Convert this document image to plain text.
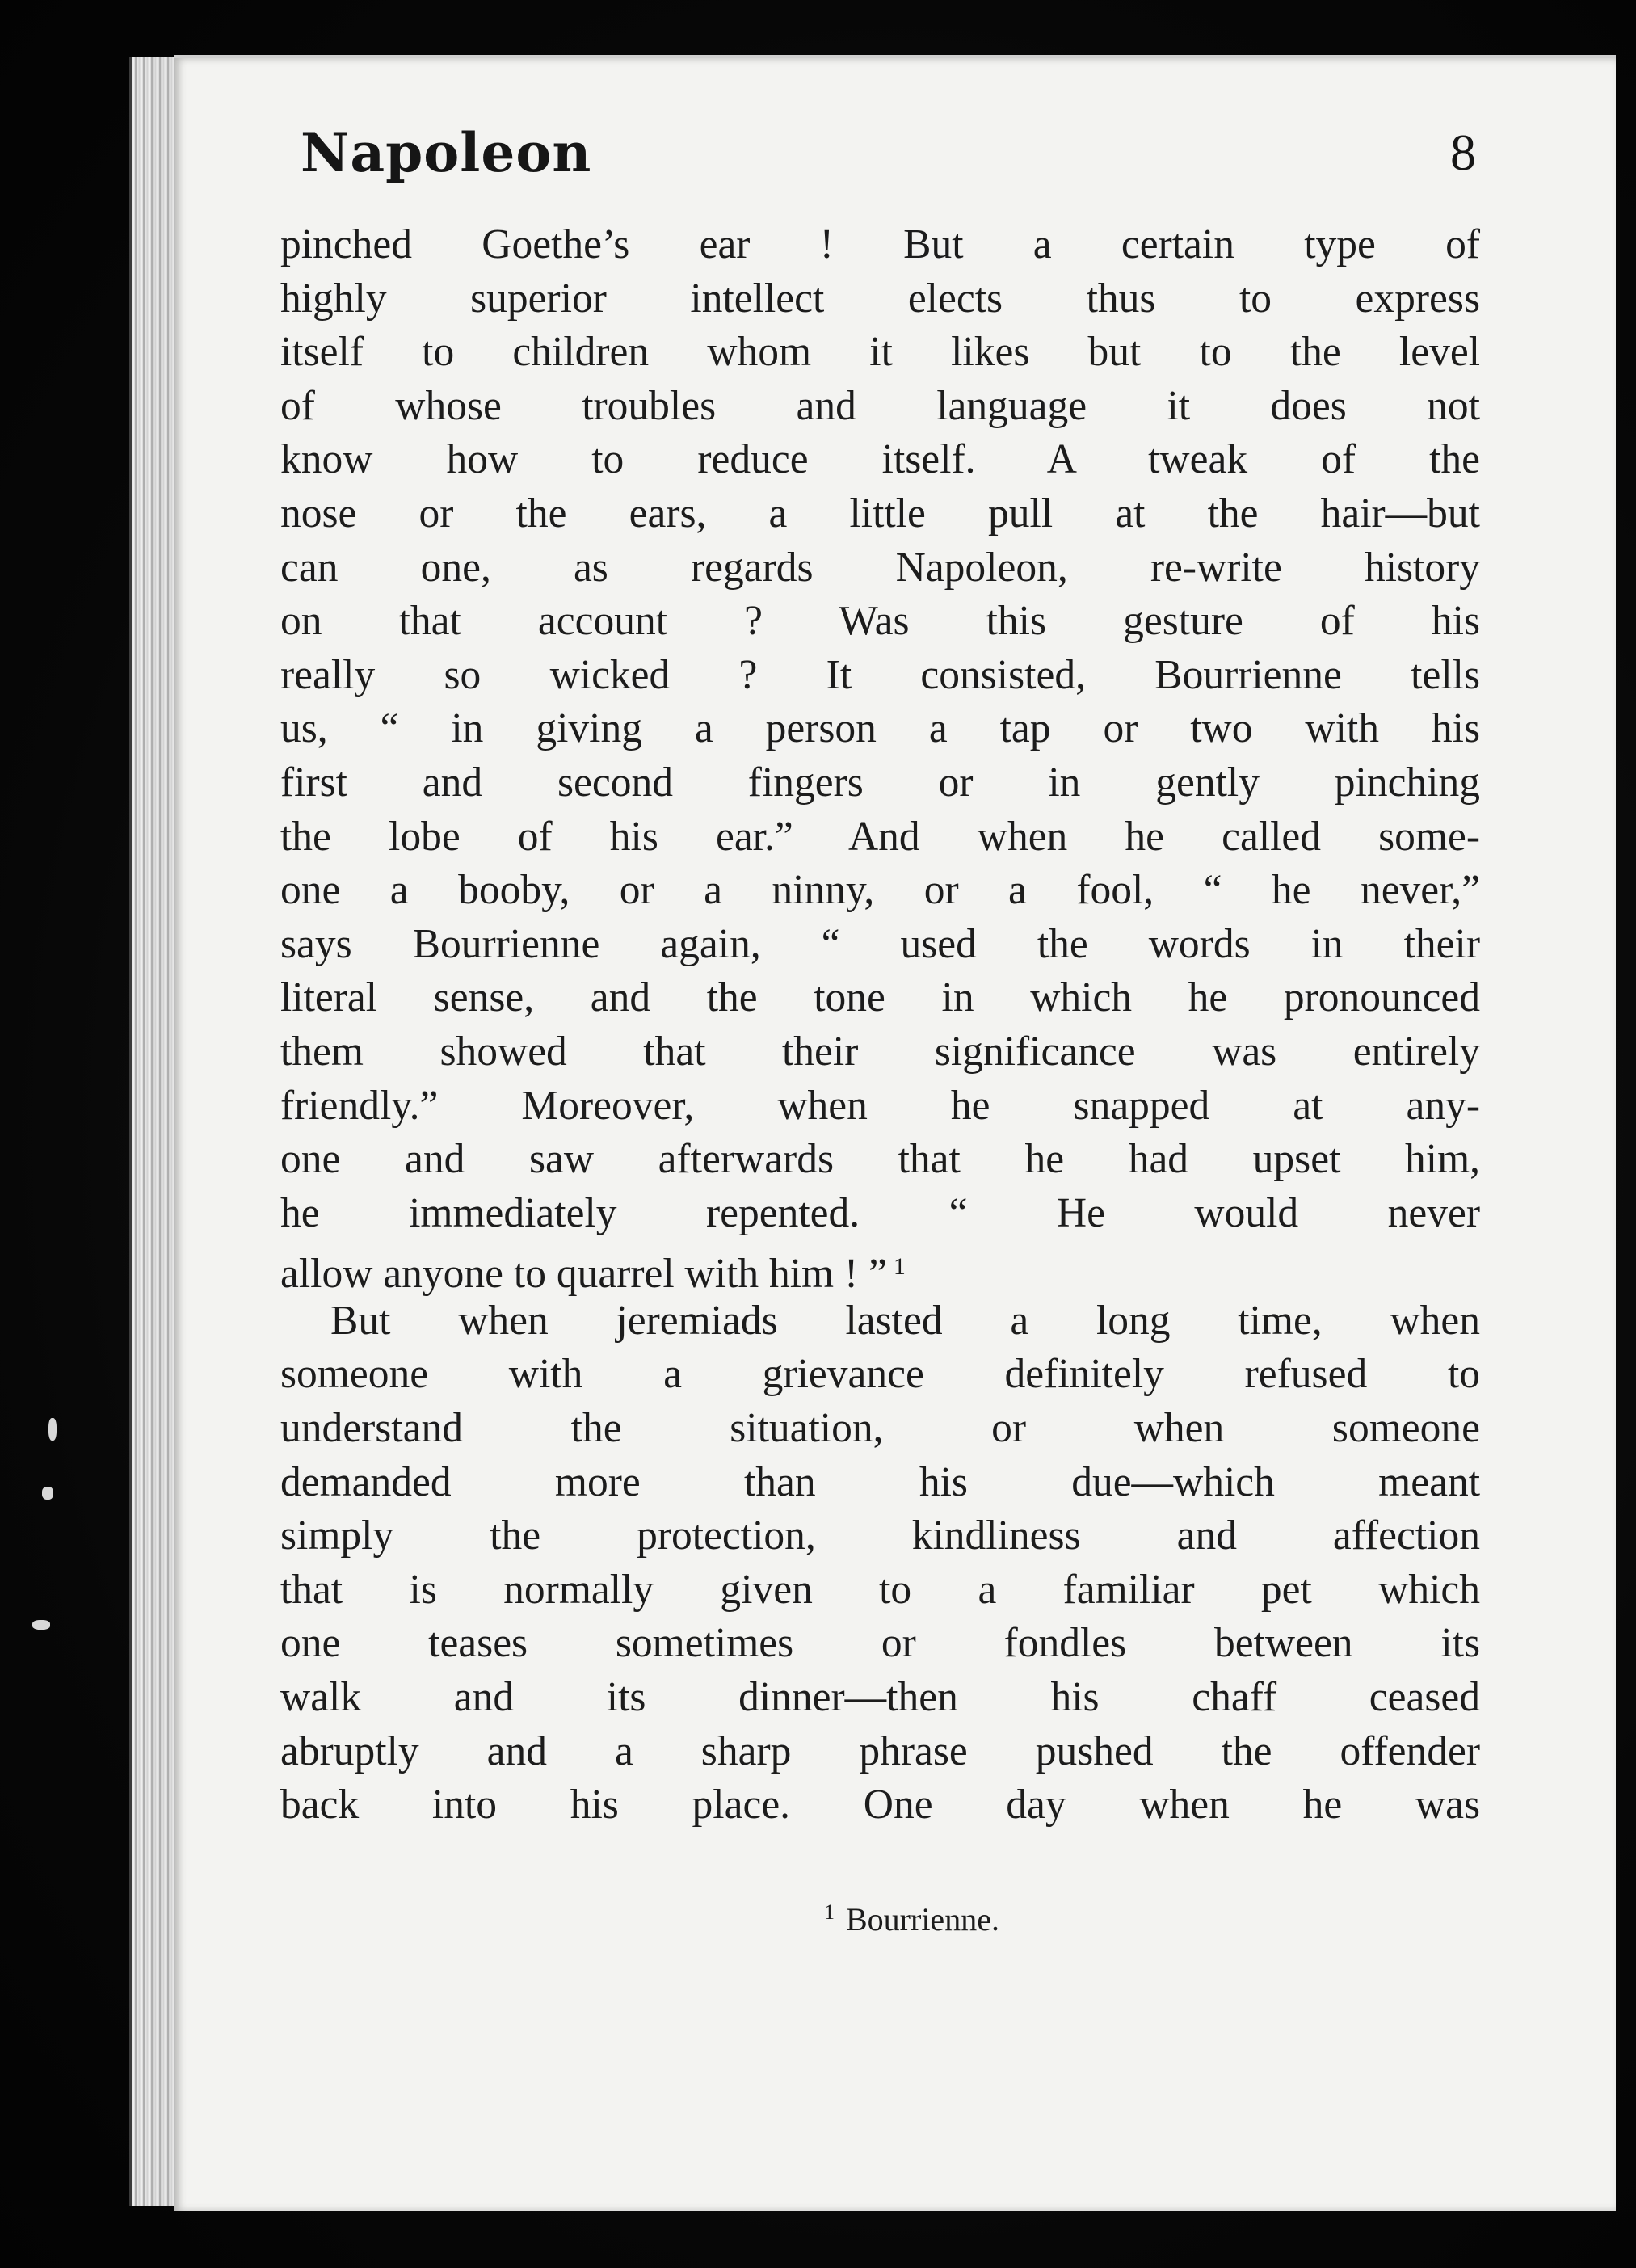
Napoleon	8
pinched Goethe’s ear ! But a certain type of
highly superior intellect elects thus to express
itself to children whom it likes but to the level
of whose troubles and language it does not
know how to reduce itself. A tweak of the
nose or the ears, a little pull at the hair—but
can one, as regards Napoleon, re-write history
on that account ? Was this gesture of his
really so wicked ? It consisted, Bourrienne tells
us, “ in giving a person a tap or two with his
first and second fingers or in gently pinching
the lobe of his ear.” And when he called some-
one a booby, or a ninny, or a fool, “ he never,”
says Bourrienne again, “ used the words in their
literal sense, and the tone in which he pronounced
them showed that their significance was entirely
friendly.” Moreover, when he snapped at any-
one and saw afterwards that he had upset him,
he immediately repented. “ He would never
allow anyone to quarrel with him ! ” $^1$
But when jeremiads lasted a long time, when
someone with a grievance definitely refused to
understand the situation, or when someone
demanded more than his due—which meant
simply the protection, kindliness and affection
that is normally given to a familiar pet which
one teases sometimes or fondles between its
walk and its dinner—then his chaff ceased
abruptly and a sharp phrase pushed the offender
back into his place. One day when he was
$^1$ Bourrienne.
